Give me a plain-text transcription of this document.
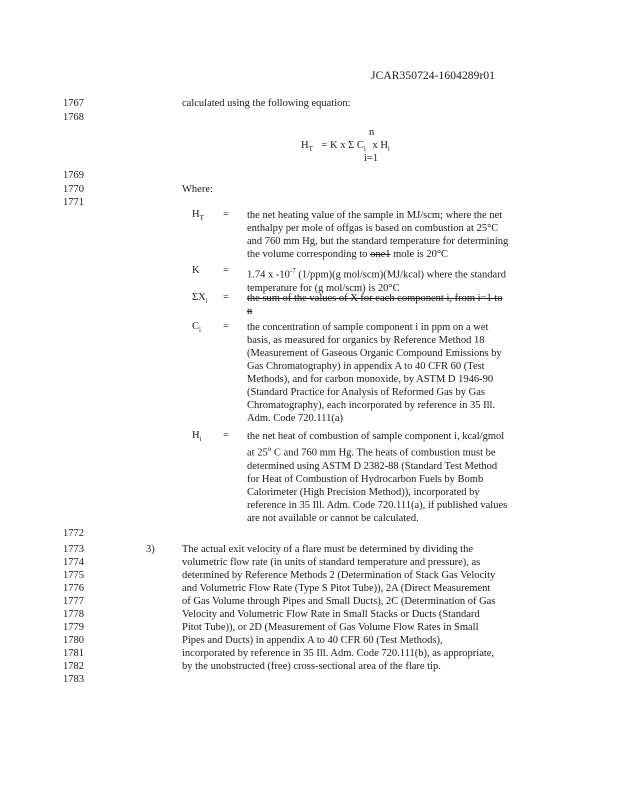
JCAR350724-1604289r01
1767
1768
1769
1770
1771
1772
1773
1774
1775
1776
1777
1778
1779
1780
1781
1782
1783
calculated using the following equation:
n
$H_T = K$ x Σ $C_i$ x $H_i$
i=1
Where:
$H_T$	= the net heating value of the sample in MJ/scm; where the net
enthalpy per mole of offgas is based on combustion at 25°C
and 760 mm Hg, but the standard temperature for determining
the volume corresponding to one1 mole is 20°C
K	= 1.74 x $-10^{-7}$ (1/ppm)(g mol/scm)(MJ/kcal) where the standard
temperature for (g mol/scm) is 20°C
$\Sigma X_i$	= the sum of the values of X for each component i, from i=1 to
n
$C_i$	= the concentration of sample component i in ppm on a wet
basis, as measured for organics by Reference Method 18
(Measurement of Gaseous Organic Compound Emissions by
Gas Chromatography) in appendix A to 40 CFR 60 (Test
Methods), and for carbon monoxide, by ASTM D 1946-90
(Standard Practice for Analysis of Reformed Gas by Gas
Chromatography), each incorporated by reference in 35 Ill.
Adm. Code 720.111(a)
$H_i$	= the net heat of combustion of sample component i, kcal/gmol
at 25$^o$ C and 760 mm Hg. The heats of combustion must be
determined using ASTM D 2382-88 (Standard Test Method
for Heat of Combustion of Hydrocarbon Fuels by Bomb
Calorimeter (High Precision Method)), incorporated by
reference in 35 Ill. Adm. Code 720.111(a), if published values
are not available or cannot be calculated.
3)	The actual exit velocity of a flare must be determined by dividing the
volumetric flow rate (in units of standard temperature and pressure), as
determined by Reference Methods 2 (Determination of Stack Gas Velocity
and Volumetric Flow Rate (Type S Pitot Tube)), 2A (Direct Measurement
of Gas Volume through Pipes and Small Ducts), 2C (Determination of Gas
Velocity and Volumetric Flow Rate in Small Stacks or Ducts (Standard
Pitot Tube)), or 2D (Measurement of Gas Volume Flow Rates in Small
Pipes and Ducts) in appendix A to 40 CFR 60 (Test Methods),
incorporated by reference in 35 Ill. Adm. Code 720.111(b), as appropriate,
by the unobstructed (free) cross-sectional area of the flare tip.
